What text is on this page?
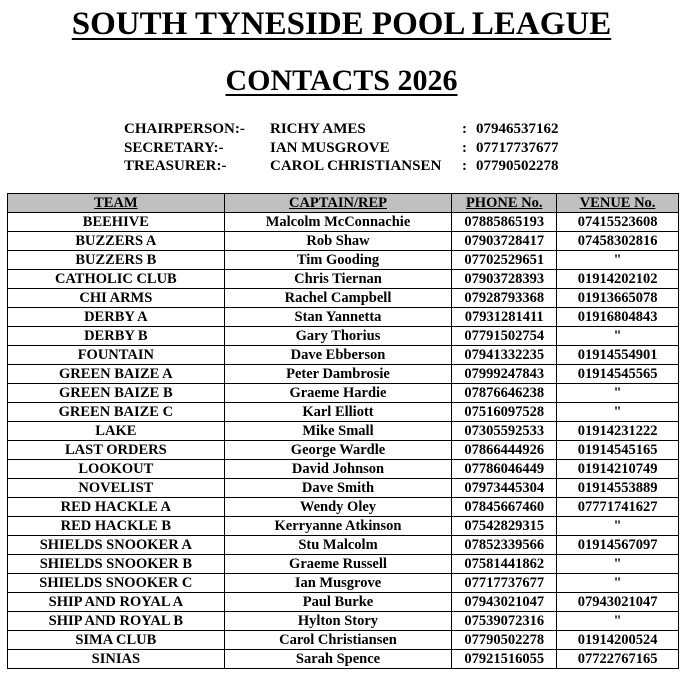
SOUTH TYNESIDE POOL LEAGUE
CONTACTS 2026
CHAIRPERSON:-	RICHY AMES	: 07946537162
SECRETARY:-	IAN MUSGROVE	: 07717737677
TREASURER:-	CAROL CHRISTIANSEN	: 07790502278
TEAM	CAPTAIN/REP	PHONE No.	VENUE No.
BEEHIVE	Malcolm McConnachie	07885865193	07415523608
BUZZERS A	Rob Shaw	07903728417	07458302816
BUZZERS B	Tim Gooding	07702529651	"
CATHOLIC CLUB	Chris Tiernan	07903728393	01914202102
CHI ARMS	Rachel Campbell	07928793368	01913665078
DERBY A	Stan Yannetta	07931281411	01916804843
DERBY B	Gary Thorius	07791502754	"
FOUNTAIN	Dave Ebberson	07941332235	01914554901
GREEN BAIZE A	Peter Dambrosie	07999247843	01914545565
GREEN BAIZE B	Graeme Hardie	07876646238	"
GREEN BAIZE C	Karl Elliott	07516097528	"
LAKE	Mike Small	07305592533	01914231222
LAST ORDERS	George Wardle	07866444926	01914545165
LOOKOUT	David Johnson	07786046449	01914210749
NOVELIST	Dave Smith	07973445304	01914553889
RED HACKLE A	Wendy Oley	07845667460	07771741627
RED HACKLE B	Kerryanne Atkinson	07542829315	"
SHIELDS SNOOKER A	Stu Malcolm	07852339566	01914567097
SHIELDS SNOOKER B	Graeme Russell	07581441862	"
SHIELDS SNOOKER C	Ian Musgrove	07717737677	"
SHIP AND ROYAL A	Paul Burke	07943021047	07943021047
SHIP AND ROYAL B	Hylton Story	07539072316	"
SIMA CLUB	Carol Christiansen	07790502278	01914200524
SINIAS	Sarah Spence	07921516055	07722767165
